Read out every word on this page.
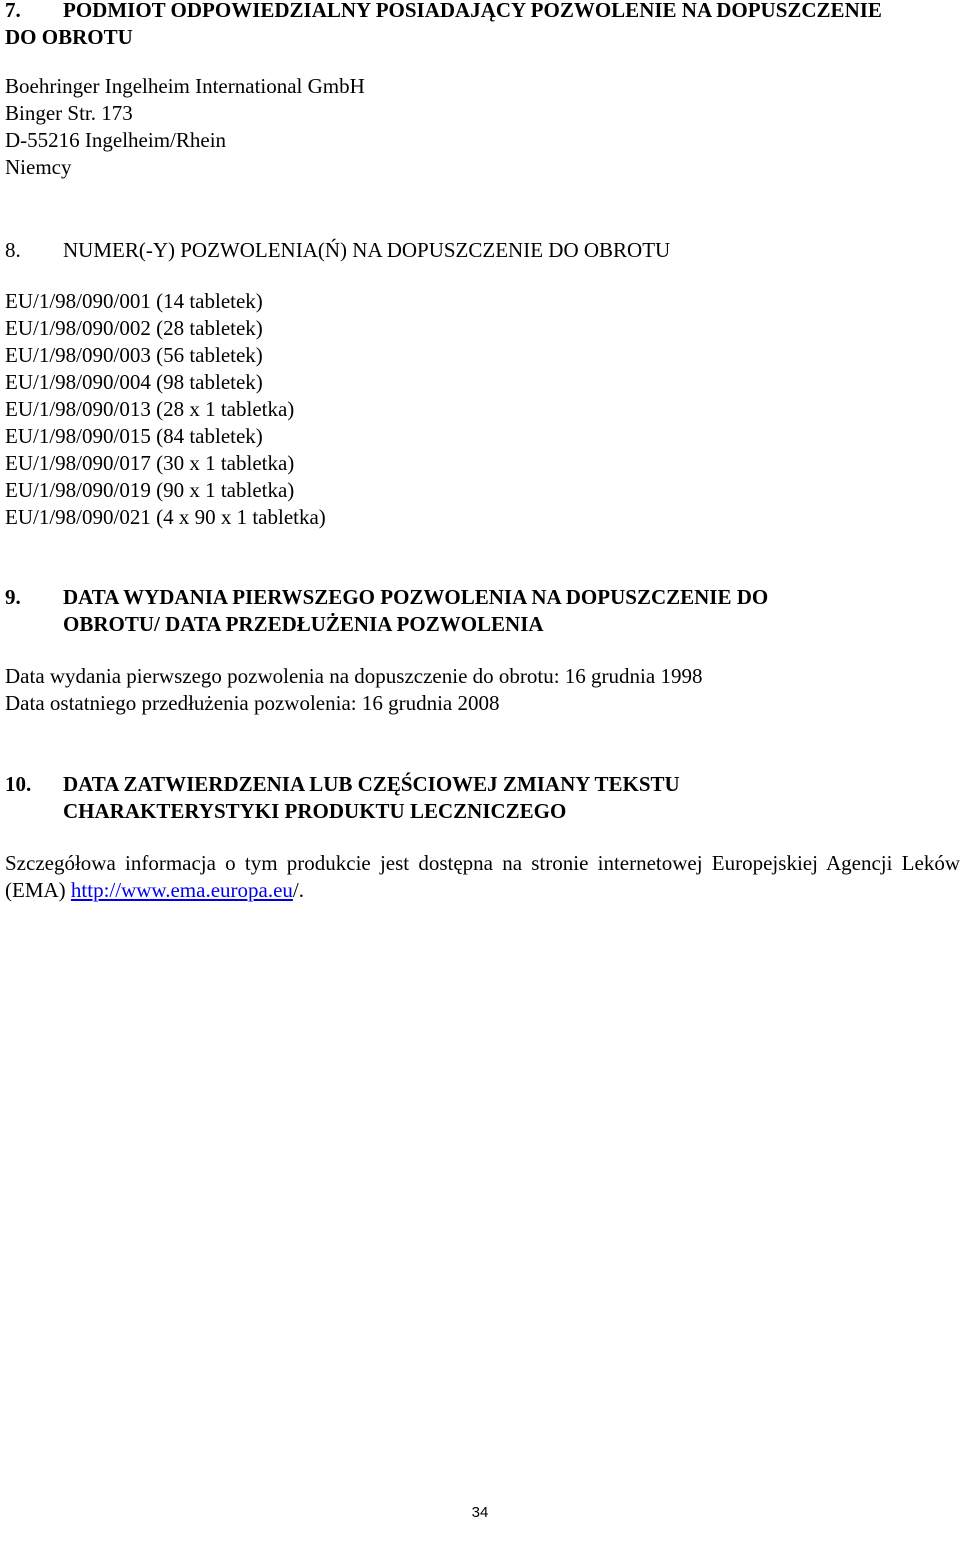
7.	PODMIOT ODPOWIEDZIALNY POSIADAJĄCY POZWOLENIE NA DOPUSZCZENIE
DO OBROTU
Boehringer Ingelheim International GmbH
Binger Str. 173
D-55216 Ingelheim/Rhein
Niemcy
8.	NUMER(-Y) POZWOLENIA(Ń) NA DOPUSZCZENIE DO OBROTU
EU/1/98/090/001 (14 tabletek)
EU/1/98/090/002 (28 tabletek)
EU/1/98/090/003 (56 tabletek)
EU/1/98/090/004 (98 tabletek)
EU/1/98/090/013 (28 x 1 tabletka)
EU/1/98/090/015 (84 tabletek)
EU/1/98/090/017 (30 x 1 tabletka)
EU/1/98/090/019 (90 x 1 tabletka)
EU/1/98/090/021 (4 x 90 x 1 tabletka)
9.	DATA WYDANIA PIERWSZEGO POZWOLENIA NA DOPUSZCZENIE DO
OBROTU/ DATA PRZEDŁUŻENIA POZWOLENIA
Data wydania pierwszego pozwolenia na dopuszczenie do obrotu: 16 grudnia 1998
Data ostatniego przedłużenia pozwolenia: 16 grudnia 2008
10.	DATA ZATWIERDZENIA LUB CZĘŚCIOWEJ ZMIANY TEKSTU
CHARAKTERYSTYKI PRODUKTU LECZNICZEGO

Szczegółowa informacja o tym produkcie jest dostępna na stronie internetowej Europejskiej Agencji Leków (EMA) http://www.ema.europa.eu/.

34
